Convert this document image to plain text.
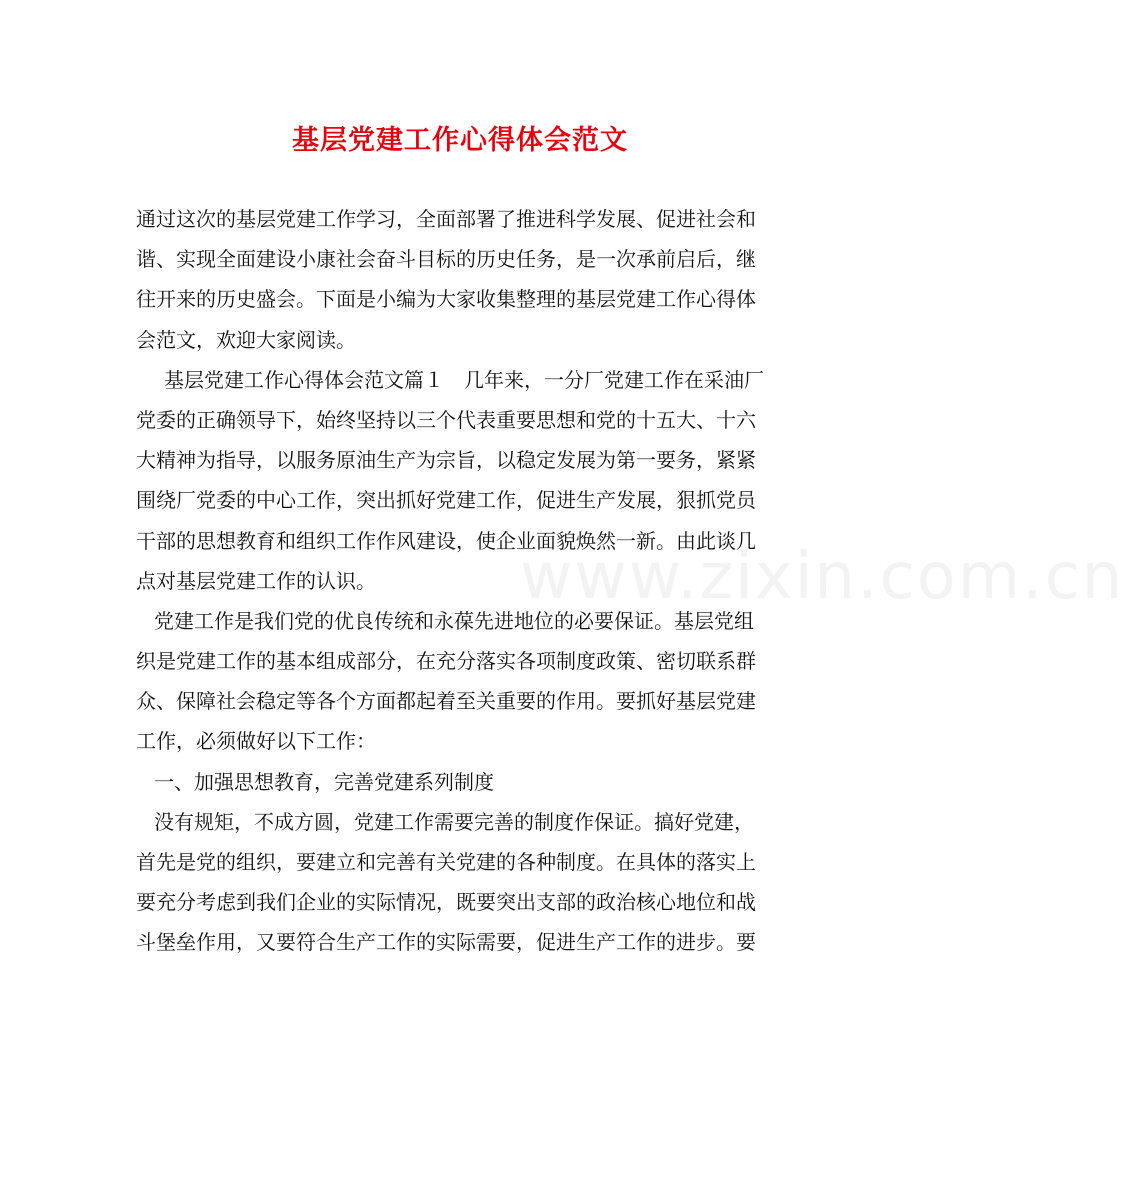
基层党建工作心得体会范文
通过这次的基层党建工作学习，全面部署了推进科学发展、促进社会和
谐、实现全面建设小康社会奋斗目标的历史任务，是一次承前启后，继
往开来的历史盛会。下面是小编为大家收集整理的基层党建工作心得体
会范文，欢迎大家阅读。
　基层党建工作心得体会范文篇１　几年来，一分厂党建工作在采油厂
党委的正确领导下，始终坚持以三个代表重要思想和党的十五大、十六
大精神为指导，以服务原油生产为宗旨，以稳定发展为第一要务，紧紧
围绕厂党委的中心工作，突出抓好党建工作，促进生产发展，狠抓党员
干部的思想教育和组织工作作风建设，使企业面貌焕然一新。由此谈几
点对基层党建工作的认识。
党建工作是我们党的优良传统和永葆先进地位的必要保证。基层党组
织是党建工作的基本组成部分，在充分落实各项制度政策、密切联系群
众、保障社会稳定等各个方面都起着至关重要的作用。要抓好基层党建
工作，必须做好以下工作：
一、加强思想教育，完善党建系列制度
没有规矩，不成方圆，党建工作需要完善的制度作保证。搞好党建，
首先是党的组织，要建立和完善有关党建的各种制度。在具体的落实上
要充分考虑到我们企业的实际情况，既要突出支部的政治核心地位和战
斗堡垒作用，又要符合生产工作的实际需要，促进生产工作的进步。要
www.zixin.com.cn
